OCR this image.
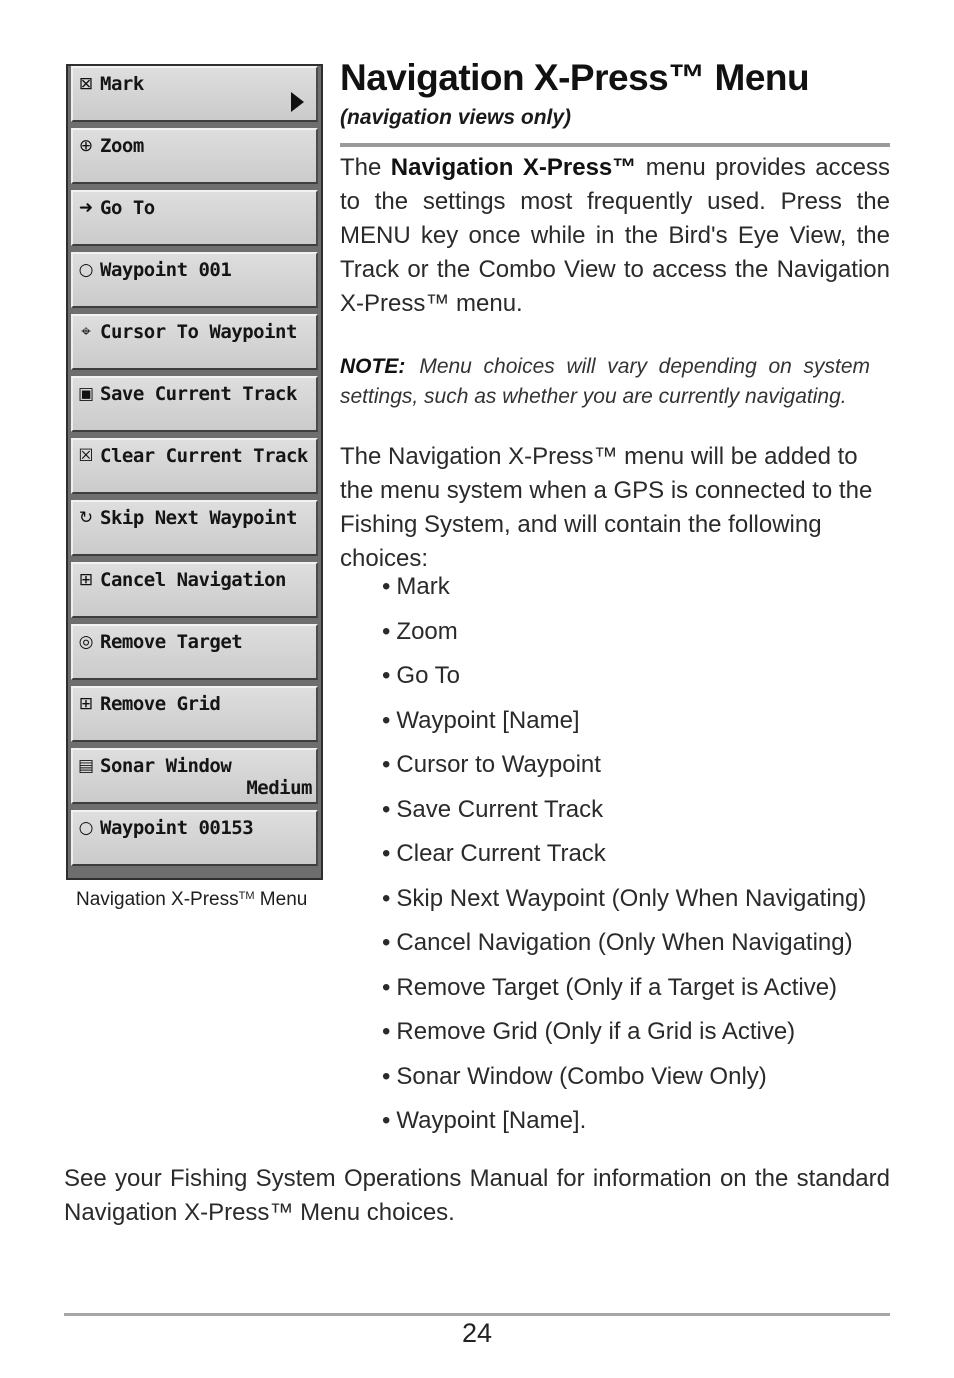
⊠ Mark
⊕ Zoom
➜ Go To
○ Waypoint 001
⌖ Cursor To Waypoint
▣ Save Current Track
☒ Clear Current Track
↻ Skip Next Waypoint
⊞ Cancel Navigation
◎ Remove Target
⊞ Remove Grid
▤ Sonar Window
Medium
○ Waypoint 00153
Navigation X-Press™ Menu
Navigation X-Press™ Menu
(navigation views only)

The Navigation X-Press™ menu provides access to the settings most frequently used. Press the MENU key once while in the Bird's Eye View, the Track or the Combo View to access the Navigation X-Press™ menu.

NOTE: Menu choices will vary depending on system settings, such as whether you are currently navigating.

The Navigation X-Press™ menu will be added to the menu system when a GPS is connected to the Fishing System, and will contain the following choices:

• Mark
• Zoom
• Go To
• Waypoint [Name]
• Cursor to Waypoint
• Save Current Track
• Clear Current Track
• Skip Next Waypoint (Only When Navigating)
• Cancel Navigation (Only When Navigating)
• Remove Target (Only if a Target is Active)
• Remove Grid (Only if a Grid is Active)
• Sonar Window (Combo View Only)
• Waypoint [Name].

See your Fishing System Operations Manual for information on the standard Navigation X-Press™ Menu choices.

24
